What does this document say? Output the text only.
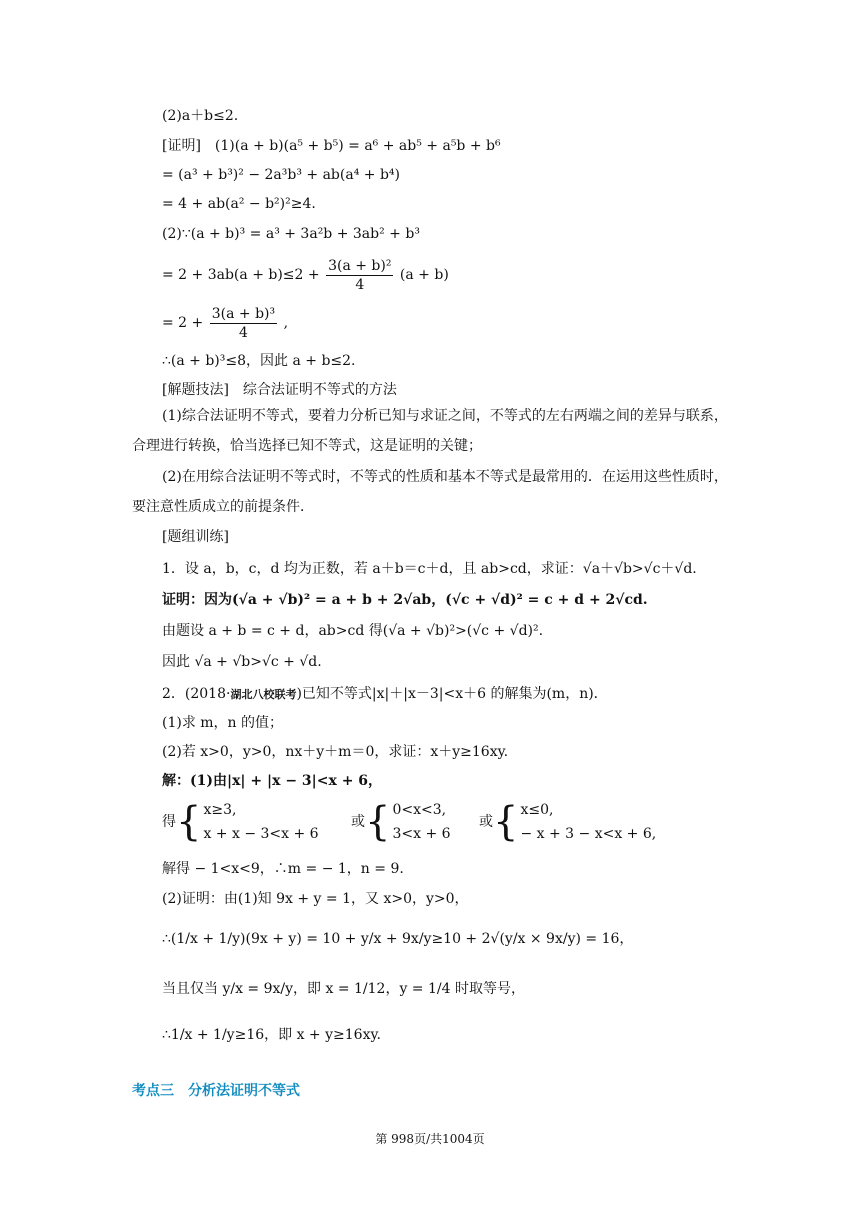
(2)a＋b≤2.
[证明]　(1)(a + b)(a⁵ + b⁵) = a⁶ + ab⁵ + a⁵b + b⁶
= (a³ + b³)² − 2a³b³ + ab(a⁴ + b⁴)
= 4 + ab(a² − b²)²≥4.
(2)∵(a + b)³ = a³ + 3a²b + 3ab² + b³
= $2 + 3ab(a + b)\le 2 + \frac{\text{3(a + b)²}}{4} (a + b)$
= $2 + \frac{\text{3(a + b)³}}{4}$ ,
∴(a + b)³≤8，因此 a + b≤2.
[解题技法]　综合法证明不等式的方法
(1)综合法证明不等式，要着力分析已知与求证之间，不等式的左右两端之间的差异与联系，合理进行转换，恰当选择已知不等式，这是证明的关键；
(2)在用综合法证明不等式时，不等式的性质和基本不等式是最常用的．在运用这些性质时，要注意性质成立的前提条件．
[题组训练]
1．设 a，b，c，d 均为正数，若 a＋b＝c＋d，且 ab>cd，求证：√a＋√b>√c＋√d.
证明：因为(√a + √b)² = a + b + 2√ab，(√c + √d)² = c + d + 2√cd.
由题设 a + b = c + d，ab>cd 得(√a + √b)²>(√c + √d)².
因此 √a + √b>√c + √d.
2．(2018·湖北八校联考)已知不等式|x|＋|x－3|<x＋6 的解集为(m，n)．
(1)求 m，n 的值；
(2)若 x>0，y>0，nx＋y＋m＝0，求证：x＋y≥16xy.
解：(1)由|x| + |x − 3|<x + 6，
得{ x≥3,
x + x − 3<x + 6
或{ 0<x<3,
3<x + 6
或{ x≤0,
− x + 3 − x<x + 6,
解得 − 1<x<9，∴m = − 1，n = 9.
(2)证明：由(1)知 9x + y = 1，又 x>0，y>0，
∴(1/x + 1/y)(9x + y) = 10 + y/x + 9x/y≥10 + 2√(y/x × 9x/y) = 16，
当且仅当 y/x = 9x/y，即 x = 1/12，y = 1/4 时取等号，
∴1/x + 1/y≥16，即 x + y≥16xy.
考点三　分析法证明不等式
第 998页/共1004页
